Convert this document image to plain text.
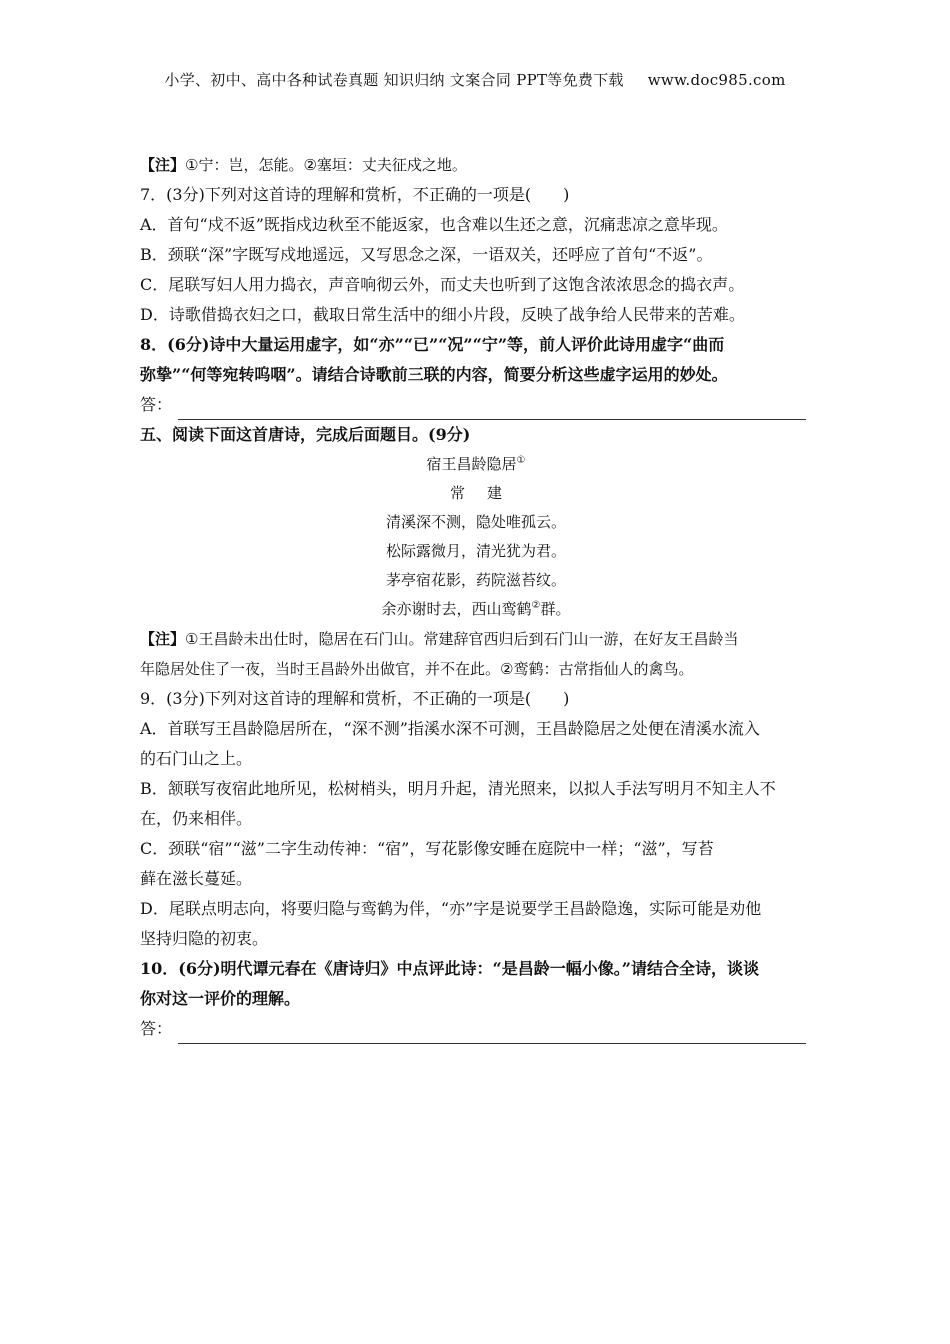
小学、初中、高中各种试卷真题 知识归纳 文案合同 PPT等免费下载 www.doc985.com
【注】①宁：岂，怎能。②塞垣：丈夫征戍之地。
7．(3分)下列对这首诗的理解和赏析，不正确的一项是(　　)
A．首句“戍不返”既指戍边秋至不能返家，也含难以生还之意，沉痛悲凉之意毕现。
B．颈联“深”字既写戍地遥远，又写思念之深，一语双关，还呼应了首句“不返”。
C．尾联写妇人用力捣衣，声音响彻云外，而丈夫也听到了这饱含浓浓思念的捣衣声。
D．诗歌借捣衣妇之口，截取日常生活中的细小片段，反映了战争给人民带来的苦难。
8．(6分)诗中大量运用虚字，如“亦”“已”“况”“宁”等，前人评价此诗用虚字“曲而
弥挚”“何等宛转呜咽”。请结合诗歌前三联的内容，简要分析这些虚字运用的妙处。
答：
五、阅读下面这首唐诗，完成后面题目。(9分)
宿王昌龄隐居①
常建
清溪深不测，隐处唯孤云。
松际露微月，清光犹为君。
茅亭宿花影，药院滋苔纹。
余亦谢时去，西山鸾鹤②群。
【注】①王昌龄未出仕时，隐居在石门山。常建辞官西归后到石门山一游，在好友王昌龄当
年隐居处住了一夜，当时王昌龄外出做官，并不在此。②鸾鹤：古常指仙人的禽鸟。
9．(3分)下列对这首诗的理解和赏析，不正确的一项是(　　)
A．首联写王昌龄隐居所在，“深不测”指溪水深不可测，王昌龄隐居之处便在清溪水流入
的石门山之上。
B．颔联写夜宿此地所见，松树梢头，明月升起，清光照来，以拟人手法写明月不知主人不
在，仍来相伴。
C．颈联“宿”“滋”二字生动传神：“宿”，写花影像安睡在庭院中一样；“滋”，写苔
藓在滋长蔓延。
D．尾联点明志向，将要归隐与鸾鹤为伴，“亦”字是说要学王昌龄隐逸，实际可能是劝他
坚持归隐的初衷。
10．(6分)明代谭元春在《唐诗归》中点评此诗：“是昌龄一幅小像。”请结合全诗，谈谈
你对这一评价的理解。
答：
